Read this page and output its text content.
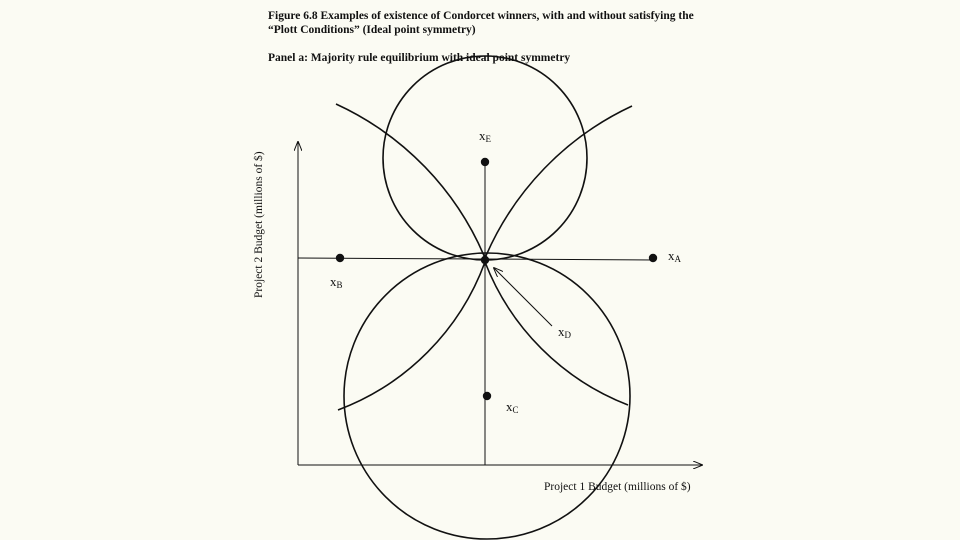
Figure 6.8 Examples of existence of Condorcet winners, with and without satisfying the
“Plott Conditions” (Ideal point symmetry)
Panel a: Majority rule equilibrium with ideal point symmetry
Project 2 Budget (millions of $)
Project 1 Budget (millions of $)
$x_E$
$x_A$
$x_B$
$x_D$
$x_C$
